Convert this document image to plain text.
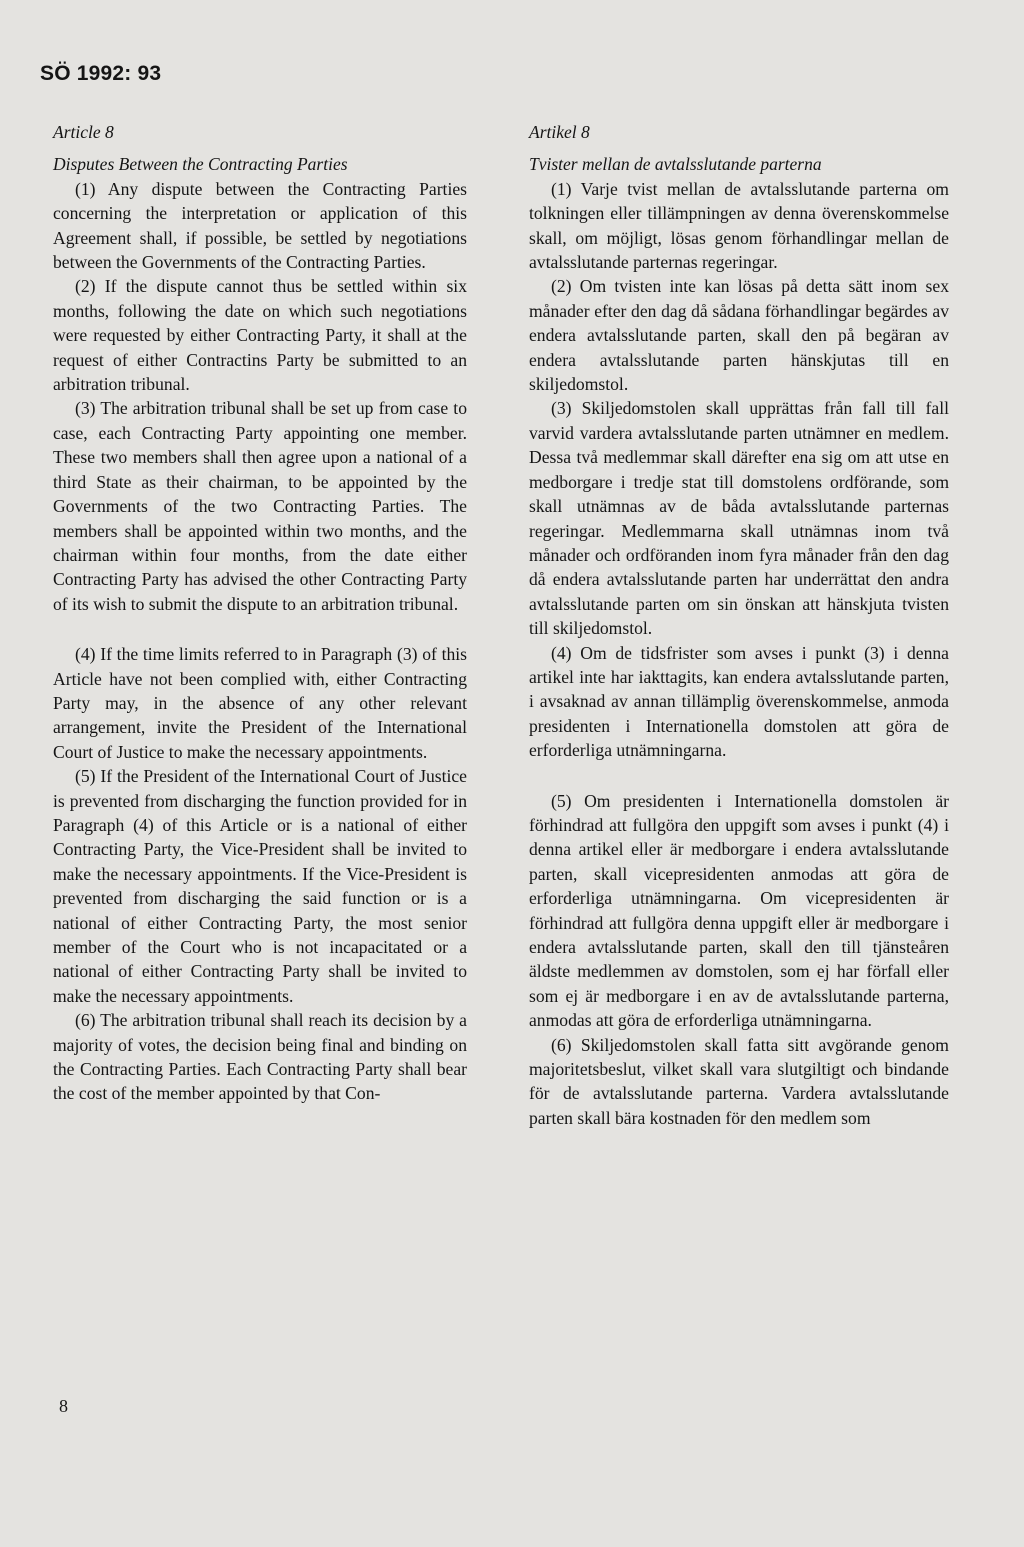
SÖ 1992: 93

Article 8

Disputes Between the Contracting Parties

(1) Any dispute between the Contracting Parties concerning the interpretation or application of this Agreement shall, if possible, be settled by negotiations between the Governments of the Contracting Parties.

(2) If the dispute cannot thus be settled within six months, following the date on which such negotiations were requested by either Contracting Party, it shall at the request of either Contractins Party be submitted to an arbitration tribunal.

(3) The arbitration tribunal shall be set up from case to case, each Contracting Party appointing one member. These two members shall then agree upon a national of a third State as their chairman, to be appointed by the Governments of the two Contracting Parties. The members shall be appointed within two months, and the chairman within four months, from the date either Contracting Party has advised the other Contracting Party of its wish to submit the dispute to an arbitration tribunal.

(4) If the time limits referred to in Paragraph (3) of this Article have not been complied with, either Contracting Party may, in the absence of any other relevant arrangement, invite the President of the International Court of Justice to make the necessary appointments.

(5) If the President of the International Court of Justice is prevented from discharging the function provided for in Paragraph (4) of this Article or is a national of either Contracting Party, the Vice-President shall be invited to make the necessary appointments. If the Vice-President is prevented from discharging the said function or is a national of either Contracting Party, the most senior member of the Court who is not incapacitated or a national of either Contracting Party shall be invited to make the necessary appointments.

(6) The arbitration tribunal shall reach its decision by a majority of votes, the decision being final and binding on the Contracting Parties. Each Contracting Party shall bear the cost of the member appointed by that Con-

Artikel 8

Tvister mellan de avtalsslutande parterna

(1) Varje tvist mellan de avtalsslutande parterna om tolkningen eller tillämpningen av denna överenskommelse skall, om möjligt, lösas genom förhandlingar mellan de avtalsslutande parternas regeringar.

(2) Om tvisten inte kan lösas på detta sätt inom sex månader efter den dag då sådana förhandlingar begärdes av endera avtalsslutande parten, skall den på begäran av endera avtalsslutande parten hänskjutas till en skiljedomstol.

(3) Skiljedomstolen skall upprättas från fall till fall varvid vardera avtalsslutande parten utnämner en medlem. Dessa två medlemmar skall därefter ena sig om att utse en medborgare i tredje stat till domstolens ordförande, som skall utnämnas av de båda avtalsslutande parternas regeringar. Medlemmarna skall utnämnas inom två månader och ordföranden inom fyra månader från den dag då endera avtalsslutande parten har underrättat den andra avtalsslutande parten om sin önskan att hänskjuta tvisten till skiljedomstol.

(4) Om de tidsfrister som avses i punkt (3) i denna artikel inte har iakttagits, kan endera avtalsslutande parten, i avsaknad av annan tillämplig överenskommelse, anmoda presidenten i Internationella domstolen att göra de erforderliga utnämningarna.

(5) Om presidenten i Internationella domstolen är förhindrad att fullgöra den uppgift som avses i punkt (4) i denna artikel eller är medborgare i endera avtalsslutande parten, skall vicepresidenten anmodas att göra de erforderliga utnämningarna. Om vicepresidenten är förhindrad att fullgöra denna uppgift eller är medborgare i endera avtalsslutande parten, skall den till tjänsteåren äldste medlemmen av domstolen, som ej har förfall eller som ej är medborgare i en av de avtalsslutande parterna, anmodas att göra de erforderliga utnämningarna.

(6) Skiljedomstolen skall fatta sitt avgörande genom majoritetsbeslut, vilket skall vara slutgiltigt och bindande för de avtalsslutande parterna. Vardera avtalsslutande parten skall bära kostnaden för den medlem som

8
